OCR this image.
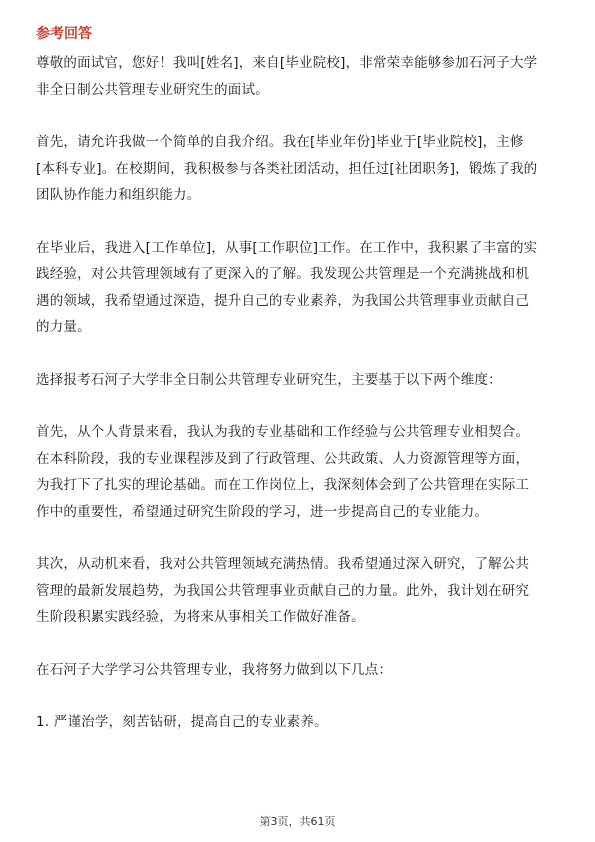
参考回答

尊敬的面试官，您好！我叫[姓名]，来自[毕业院校]，非常荣幸能够参加石河子大学
非全日制公共管理专业研究生的面试。

首先，请允许我做一个简单的自我介绍。我在[毕业年份]毕业于[毕业院校]，主修
[本科专业]。在校期间，我积极参与各类社团活动，担任过[社团职务]，锻炼了我的
团队协作能力和组织能力。

在毕业后，我进入[工作单位]，从事[工作职位]工作。在工作中，我积累了丰富的实
践经验，对公共管理领域有了更深入的了解。我发现公共管理是一个充满挑战和机
遇的领域，我希望通过深造，提升自己的专业素养，为我国公共管理事业贡献自己
的力量。

选择报考石河子大学非全日制公共管理专业研究生，主要基于以下两个维度：

首先，从个人背景来看，我认为我的专业基础和工作经验与公共管理专业相契合。
在本科阶段，我的专业课程涉及到了行政管理、公共政策、人力资源管理等方面，
为我打下了扎实的理论基础。而在工作岗位上，我深刻体会到了公共管理在实际工
作中的重要性，希望通过研究生阶段的学习，进一步提高自己的专业能力。

其次，从动机来看，我对公共管理领域充满热情。我希望通过深入研究，了解公共
管理的最新发展趋势，为我国公共管理事业贡献自己的力量。此外，我计划在研究
生阶段积累实践经验，为将来从事相关工作做好准备。

在石河子大学学习公共管理专业，我将努力做到以下几点：

1. 严谨治学，刻苦钻研，提高自己的专业素养。

第3页，共61页
